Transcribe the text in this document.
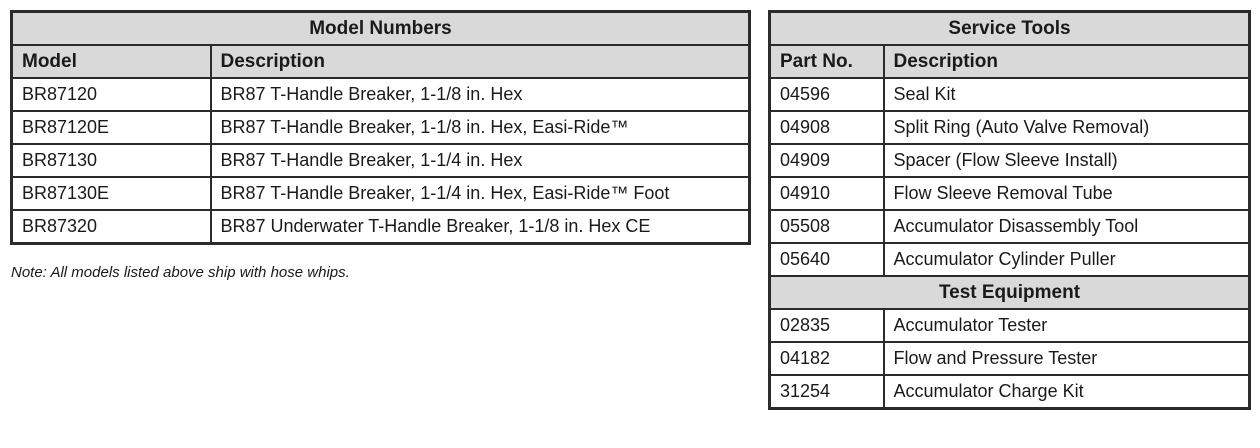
Model Numbers	
Model	Description
BR87120	BR87 T-Handle Breaker, 1-1/8 in. Hex
BR87120E	BR87 T-Handle Breaker, 1-1/8 in. Hex, Easi-Ride™
BR87130	BR87 T-Handle Breaker, 1-1/4 in. Hex
BR87130E	BR87 T-Handle Breaker, 1-1/4 in. Hex, Easi-Ride™ Foot
BR87320	BR87 Underwater T-Handle Breaker, 1-1/8 in. Hex CE
Note: All models listed above ship with hose whips.
Service Tools	
Part No.	Description
04596	Seal Kit
04908	Split Ring (Auto Valve Removal)
04909	Spacer (Flow Sleeve Install)
04910	Flow Sleeve Removal Tube
05508	Accumulator Disassembly Tool
05640	Accumulator Cylinder Puller
Test Equipment	
02835	Accumulator Tester
04182	Flow and Pressure Tester
31254	Accumulator Charge Kit
